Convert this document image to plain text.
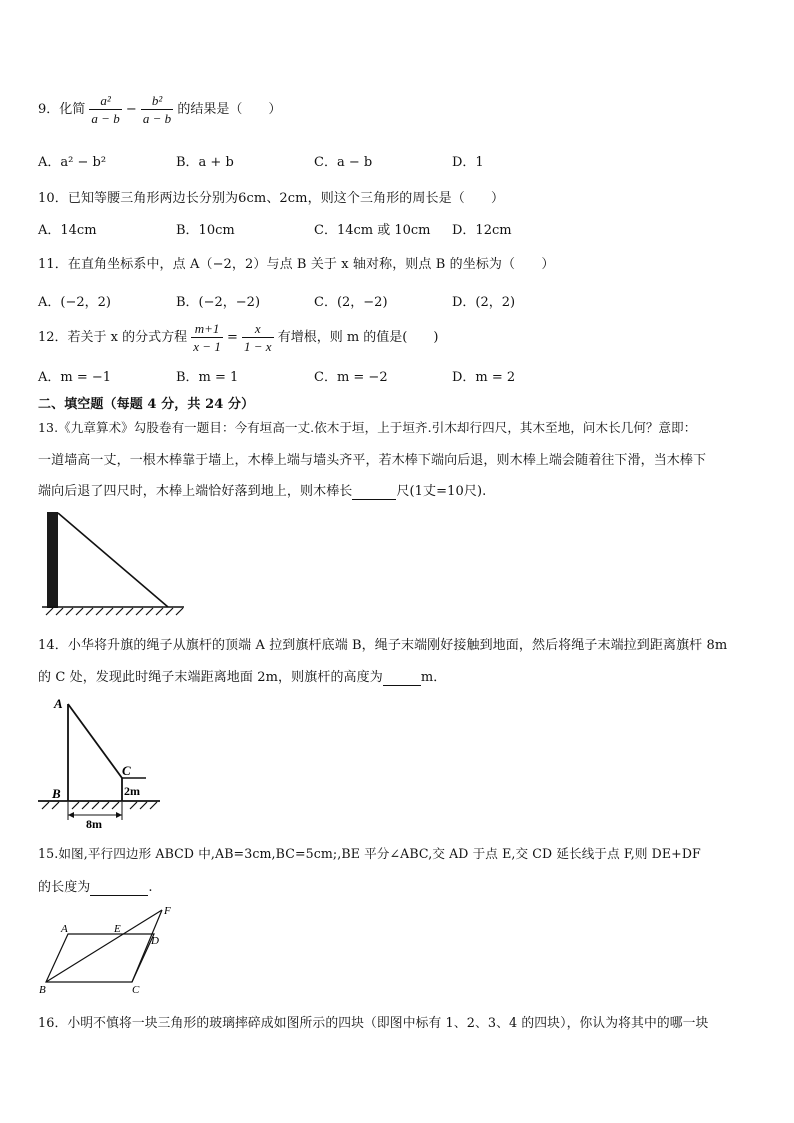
9．化简 $\frac{\text{a²}}{a - b} - \frac{\text{b²}}{a - b}$ 的结果是（　　）
A．a² − b²	B．a + b	C．a − b	D．1
10．已知等腰三角形两边长分别为6cm、2cm，则这个三角形的周长是（　　）
A．14cm	B．10cm	C．14cm 或 10cm D．12cm
11．在直角坐标系中，点 A（−2，2）与点 B 关于 x 轴对称，则点 B 的坐标为（　　）
A．(−2，2)	B．(−2，−2)	C．(2，−2)	D．(2，2)
12．若关于 x 的分式方程 $\frac{m+1}{x - 1} = \frac{x}{1 - x}$ 有增根，则 m 的值是(　　)
A．m = −1	B．m = 1	C．m = −2	D．m = 2
二、填空题（每题 4 分，共 24 分）
13.《九章算术》勾股卷有一题目：今有垣高一丈.依木于垣，上于垣齐.引木却行四尺，其木至地，问木长几何？意即：
一道墙高一丈，一根木棒靠于墙上，木棒上端与墙头齐平，若木棒下端向后退，则木棒上端会随着往下滑，当木棒下
端向后退了四尺时，木棒上端恰好落到地上，则木棒长	尺(1丈=10尺).
14．小华将升旗的绳子从旗杆的顶端 A 拉到旗杆底端 B，绳子末端刚好接触到地面，然后将绳子末端拉到距离旗杆 8m
的 C 处，发现此时绳子末端距离地面 2m，则旗杆的高度为	m．
A
B
C
2m
8m
15.如图,平行四边形 ABCD 中,AB=3cm,BC=5cm;,BE 平分∠ABC,交 AD 于点 E,交 CD 延长线于点 F,则 DE+DF
的长度为	.
A	E
D
F
B	C
16．小明不慎将一块三角形的玻璃摔碎成如图所示的四块（即图中标有 1、2、3、4 的四块），你认为将其中的哪一块
